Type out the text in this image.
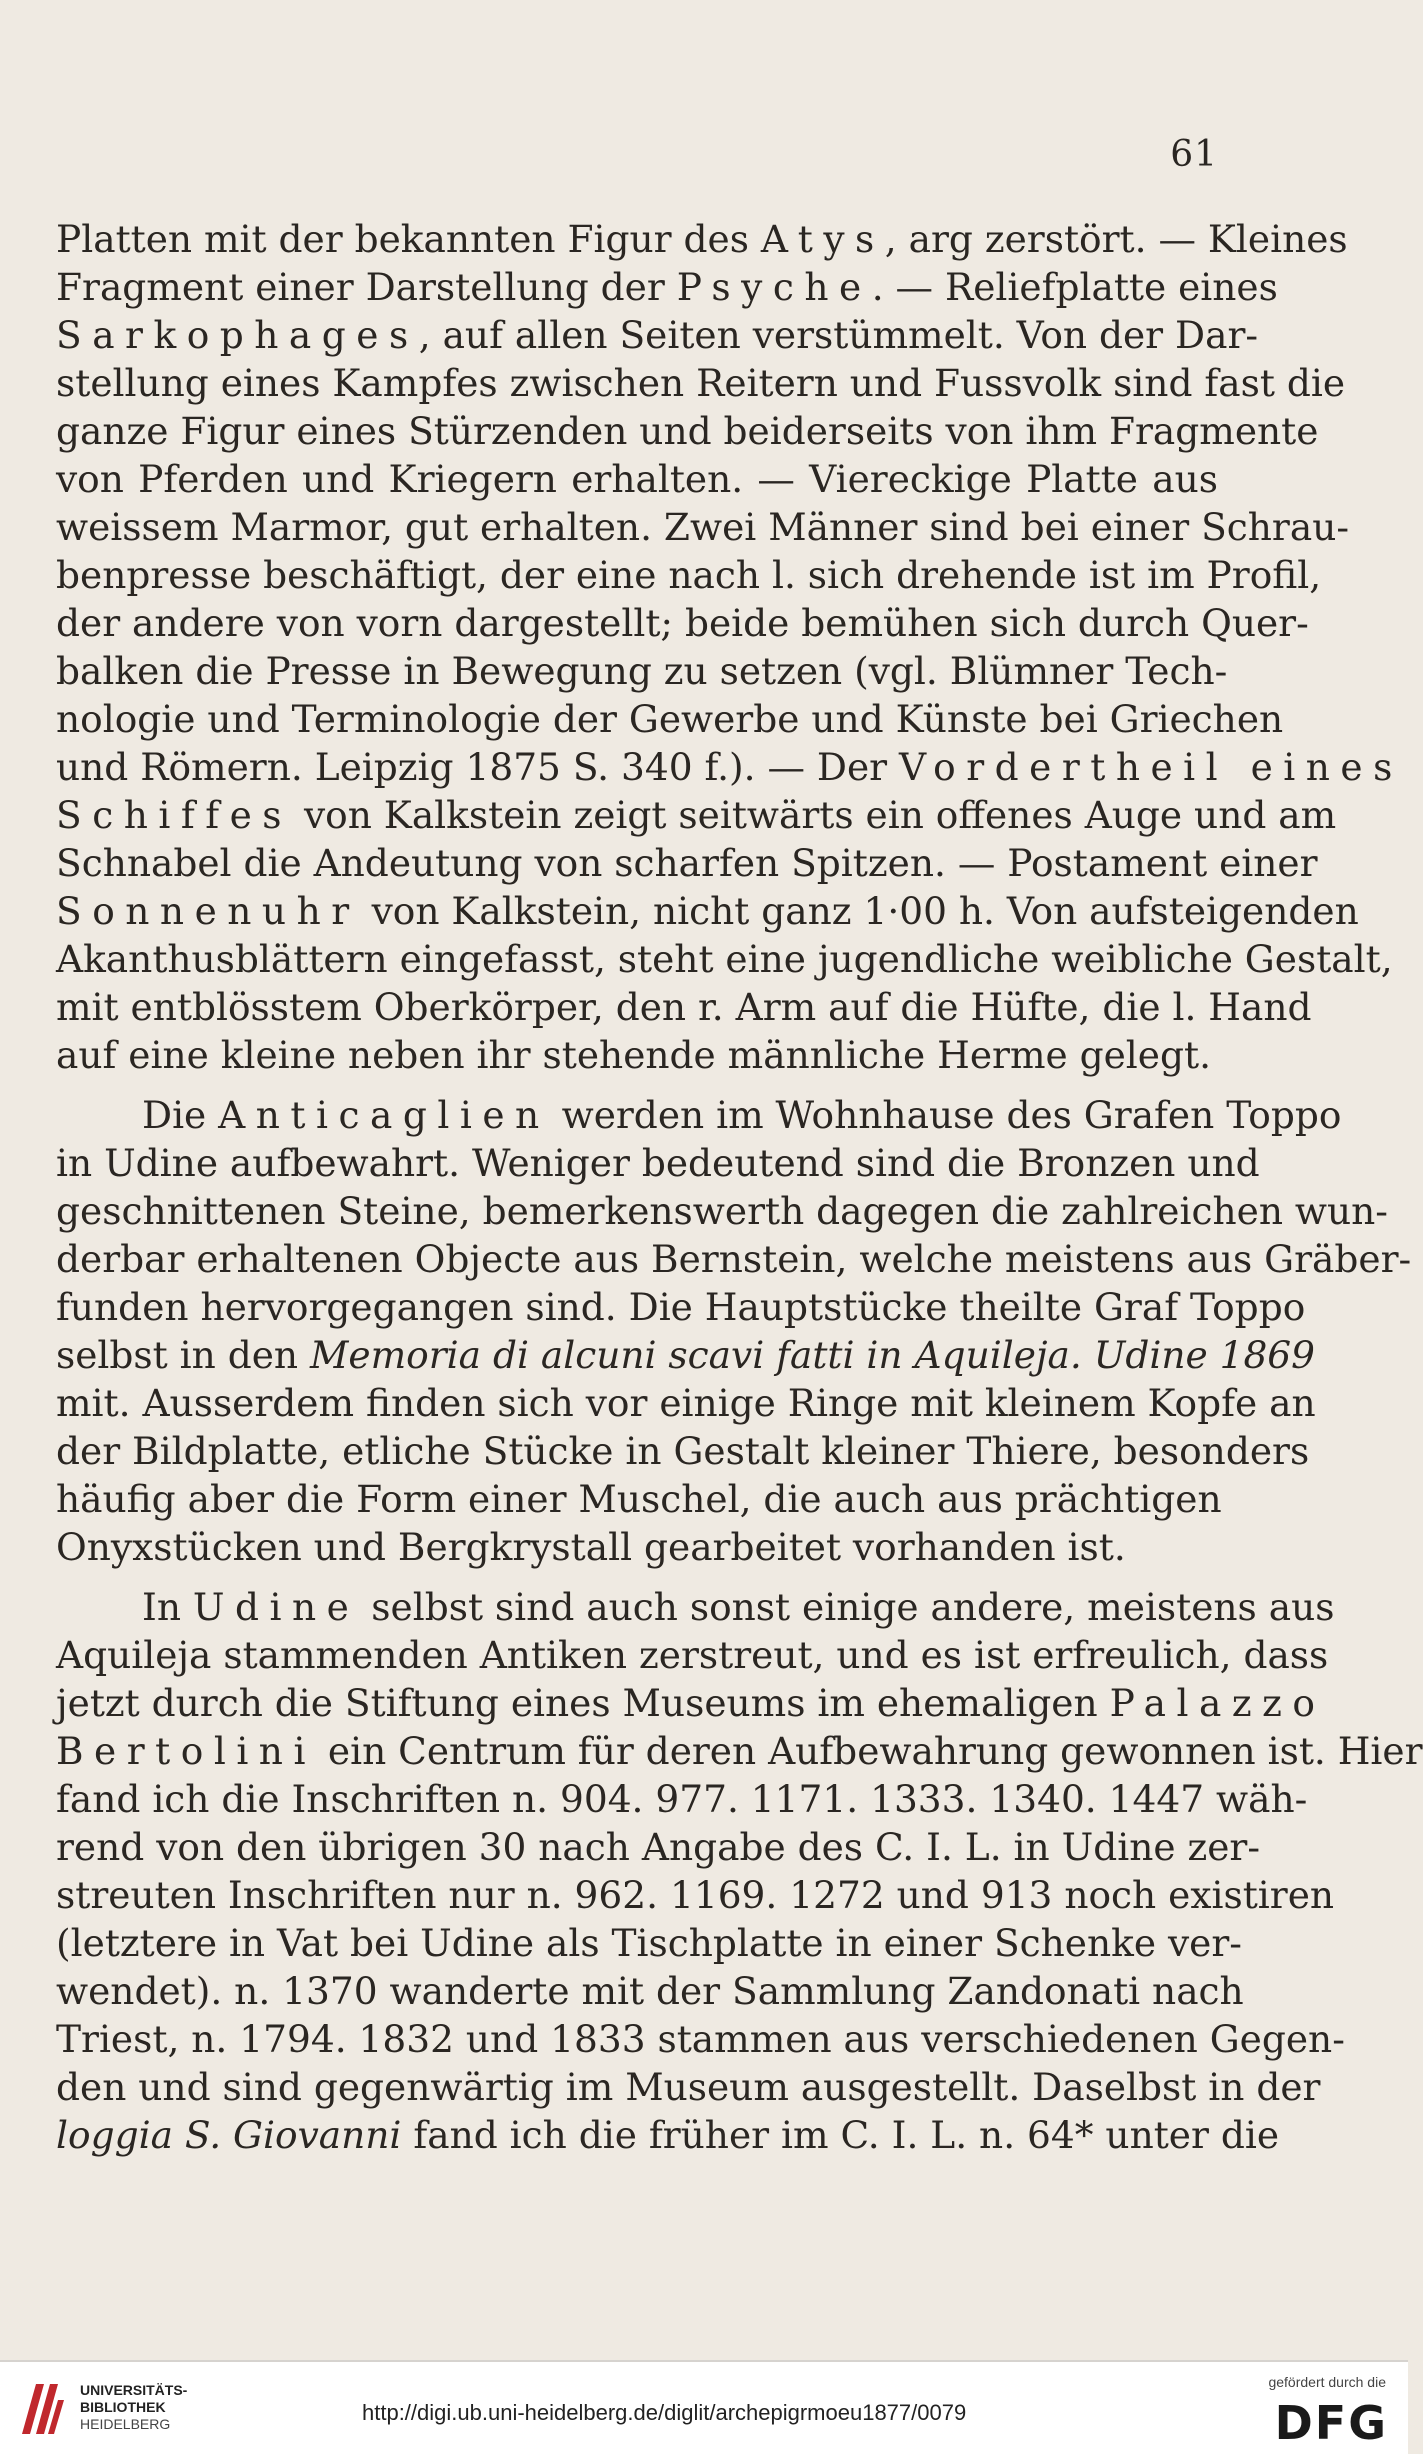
61

Platten mit der bekannten Figur des Atys, arg zerstört. — Kleines
Fragment einer Darstellung der Psyche. — Reliefplatte eines
Sarkophages, auf allen Seiten verstümmelt. Von der Dar-
stellung eines Kampfes zwischen Reitern und Fussvolk sind fast die
ganze Figur eines Stürzenden und beiderseits von ihm Fragmente
von Pferden und Kriegern erhalten. — Viereckige Platte aus
weissem Marmor, gut erhalten. Zwei Männer sind bei einer Schrau-
benpresse beschäftigt, der eine nach l. sich drehende ist im Profil,
der andere von vorn dargestellt; beide bemühen sich durch Quer-
balken die Presse in Bewegung zu setzen (vgl. Blümner Tech-
nologie und Terminologie der Gewerbe und Künste bei Griechen
und Römern. Leipzig 1875 S. 340 f.). — Der Vordertheil eines
Schiffes von Kalkstein zeigt seitwärts ein offenes Auge und am
Schnabel die Andeutung von scharfen Spitzen. — Postament einer
Sonnenuhr von Kalkstein, nicht ganz 1·00 h. Von aufsteigenden
Akanthusblättern eingefasst, steht eine jugendliche weibliche Gestalt,
mit entblösstem Oberkörper, den r. Arm auf die Hüfte, die l. Hand
auf eine kleine neben ihr stehende männliche Herme gelegt.

Die Anticaglien werden im Wohnhause des Grafen Toppo
in Udine aufbewahrt. Weniger bedeutend sind die Bronzen und
geschnittenen Steine, bemerkenswerth dagegen die zahlreichen wun-
derbar erhaltenen Objecte aus Bernstein, welche meistens aus Gräber-
funden hervorgegangen sind. Die Hauptstücke theilte Graf Toppo
selbst in den Memoria di alcuni scavi fatti in Aquileja. Udine 1869
mit. Ausserdem finden sich vor einige Ringe mit kleinem Kopfe an
der Bildplatte, etliche Stücke in Gestalt kleiner Thiere, besonders
häufig aber die Form einer Muschel, die auch aus prächtigen
Onyxstücken und Bergkrystall gearbeitet vorhanden ist.

In Udine selbst sind auch sonst einige andere, meistens aus
Aquileja stammenden Antiken zerstreut, und es ist erfreulich, dass
jetzt durch die Stiftung eines Museums im ehemaligen Palazzo
Bertolini ein Centrum für deren Aufbewahrung gewonnen ist. Hier
fand ich die Inschriften n. 904. 977. 1171. 1333. 1340. 1447 wäh-
rend von den übrigen 30 nach Angabe des C. I. L. in Udine zer-
streuten Inschriften nur n. 962. 1169. 1272 und 913 noch existiren
(letztere in Vat bei Udine als Tischplatte in einer Schenke ver-
wendet). n. 1370 wanderte mit der Sammlung Zandonati nach
Triest, n. 1794. 1832 und 1833 stammen aus verschiedenen Gegen-
den und sind gegenwärtig im Museum ausgestellt. Daselbst in der
loggia S. Giovanni fand ich die früher im C. I. L. n. 64* unter die

UNIVERSITÄTS-
BIBLIOTHEK
HEIDELBERG	http://digi.ub.uni-heidelberg.de/diglit/archepigrmoeu1877/0079
gefördert durch die
DFG
